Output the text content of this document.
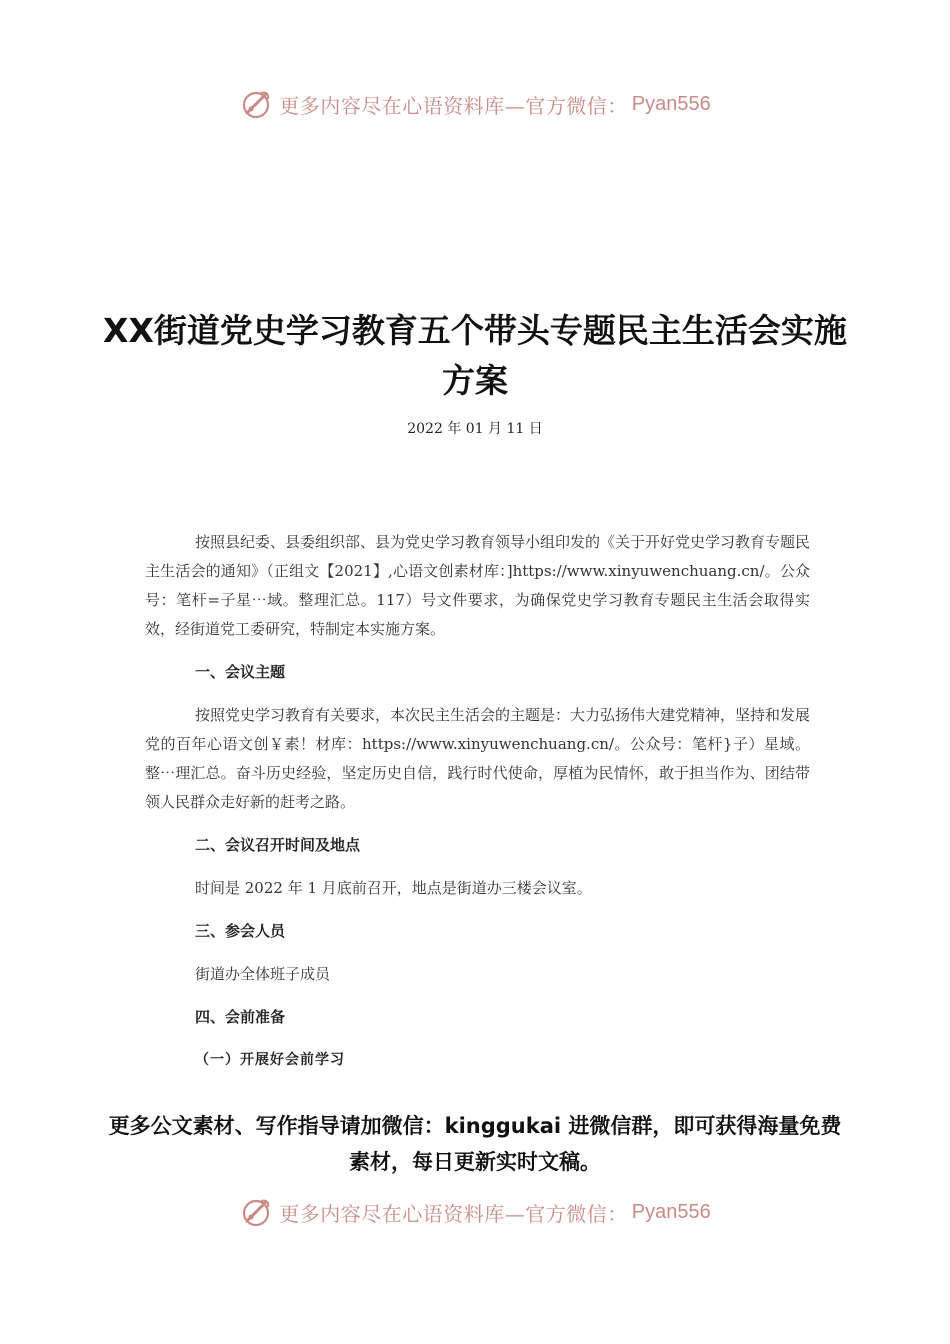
更多内容尽在心语资料库—官方微信： Pyan556
XX街道党史学习教育五个带头专题民主生活会实施方案
2022 年 01 月 11 日

按照县纪委、县委组织部、县为党史学习教育领导小组印发的《关于开好党史学习教育专题民主生活会的通知》（正组文【2021】,心语文创素材库：]https://www.xinyuwenchuang.cn/。公众号：笔杆=子星⋯域。整理汇总。117）号文件要求，为确保党史学习教育专题民主生活会取得实效，经街道党工委研究，特制定本实施方案。

一、会议主题

按照党史学习教育有关要求，本次民主生活会的主题是：大力弘扬伟大建党精神，坚持和发展党的百年心语文创￥素！材库：https://www.xinyuwenchuang.cn/。公众号：笔杆}子）星域。整⋯理汇总。奋斗历史经验，坚定历史自信，践行时代使命，厚植为民情怀，敢于担当作为、团结带领人民群众走好新的赶考之路。

二、会议召开时间及地点

时间是 2022 年 1 月底前召开，地点是街道办三楼会议室。

三、参会人员

街道办全体班子成员

四、会前准备

（一）开展好会前学习

更多公文素材、写作指导请加微信：kinggukai 进微信群，即可获得海量免费素材，每日更新实时文稿。

更多内容尽在心语资料库—官方微信： Pyan556
